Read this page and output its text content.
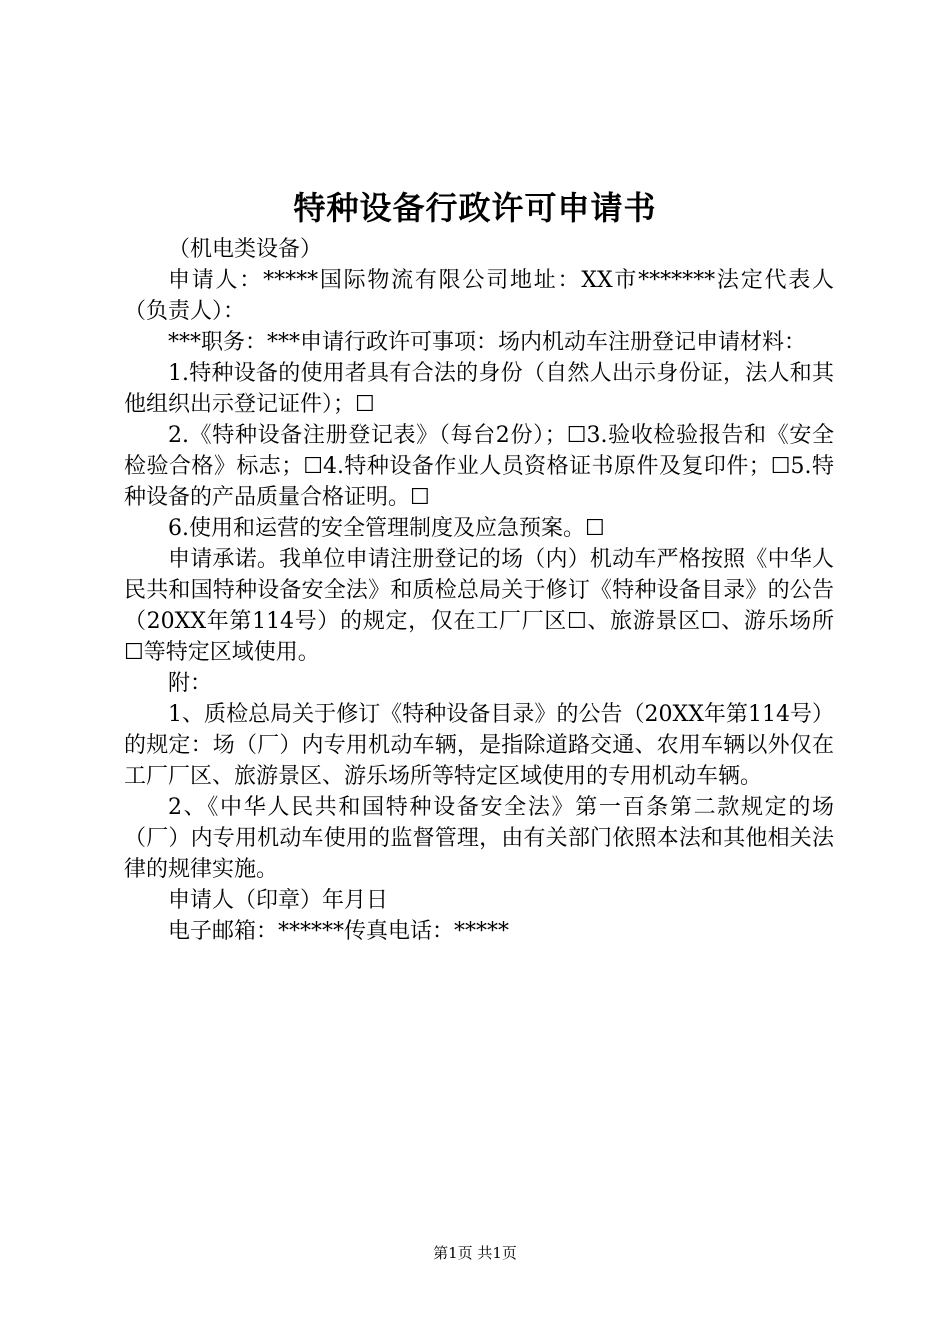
特种设备行政许可申请书

（机电类设备）

申请人：*****国际物流有限公司地址：XX市*******法定代表人（负责人）：

***职务：***申请行政许可事项：场内机动车注册登记申请材料：

1.特种设备的使用者具有合法的身份（自然人出示身份证，法人和其他组织出示登记证件）；☐

2.《特种设备注册登记表》（每台2份）；☐3.验收检验报告和《安全检验合格》标志；☐4.特种设备作业人员资格证书原件及复印件；☐5.特种设备的产品质量合格证明。☐

6.使用和运营的安全管理制度及应急预案。☐

申请承诺。我单位申请注册登记的场（内）机动车严格按照《中华人民共和国特种设备安全法》和质检总局关于修订《特种设备目录》的公告（20XX年第114号）的规定，仅在工厂厂区☐、旅游景区☐、游乐场所☐等特定区域使用。

附：

1、质检总局关于修订《特种设备目录》的公告（20XX年第114号）的规定：场（厂）内专用机动车辆，是指除道路交通、农用车辆以外仅在工厂厂区、旅游景区、游乐场所等特定区域使用的专用机动车辆。

2、《中华人民共和国特种设备安全法》第一百条第二款规定的场（厂）内专用机动车使用的监督管理，由有关部门依照本法和其他相关法律的规律实施。

申请人（印章）年月日

电子邮箱：******传真电话：*****

第1页 共1页
